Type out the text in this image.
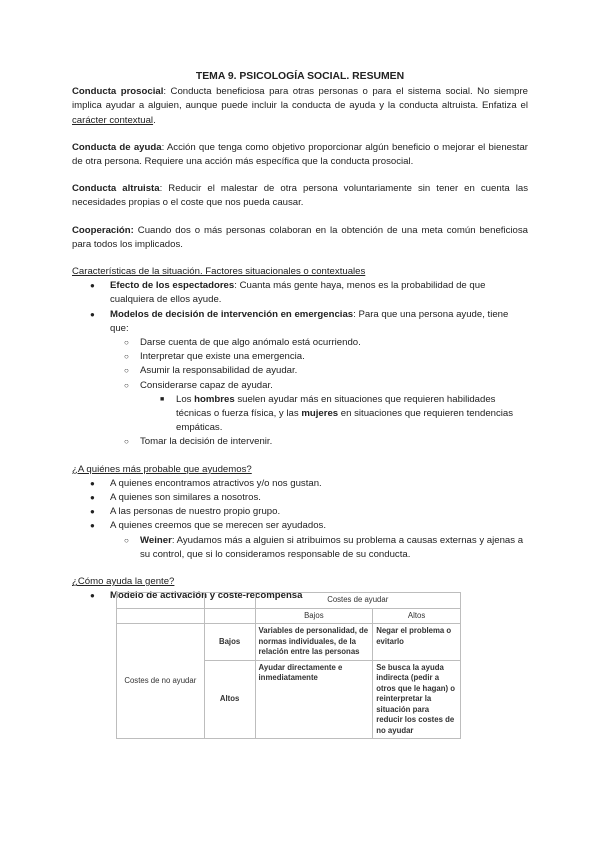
TEMA 9. PSICOLOGÍA SOCIAL. RESUMEN

Conducta prosocial: Conducta beneficiosa para otras personas o para el sistema social. No siempre implica ayudar a alguien, aunque puede incluir la conducta de ayuda y la conducta altruista. Enfatiza el carácter contextual.

Conducta de ayuda: Acción que tenga como objetivo proporcionar algún beneficio o mejorar el bienestar de otra persona. Requiere una acción más específica que la conducta prosocial.

Conducta altruista: Reducir el malestar de otra persona voluntariamente sin tener en cuenta las necesidades propias o el coste que nos pueda causar.

Cooperación: Cuando dos o más personas colaboran en la obtención de una meta común beneficiosa para todos los implicados.

Características de la situación. Factores situacionales o contextuales

● Efecto de los espectadores: Cuanta más gente haya, menos es la probabilidad de que cualquiera de ellos ayude.
● Modelos de decisión de intervención en emergencias: Para que una persona ayude, tiene que:
○ Darse cuenta de que algo anómalo está ocurriendo.
○ Interpretar que existe una emergencia.
○ Asumir la responsabilidad de ayudar.
○ Considerarse capaz de ayudar.
■ Los hombres suelen ayudar más en situaciones que requieren habilidades técnicas o fuerza física, y las mujeres en situaciones que requieren tendencias empáticas.
○ Tomar la decisión de intervenir.

¿A quiénes más probable que ayudemos?

● A quienes encontramos atractivos y/o nos gustan.
● A quienes son similares a nosotros.
● A las personas de nuestro propio grupo.
● A quienes creemos que se merecen ser ayudados.
○ Weiner: Ayudamos más a alguien si atribuimos su problema a causas externas y ajenas a su control, que si lo consideramos responsable de su conducta.

¿Cómo ayuda la gente?

● Modelo de activación y coste-recompensa
			Costes de ayudar	
		Bajos	Altos
Costes de no ayudar	Bajos	Variables de personalidad, de normas individuales, de la relación entre las personas	Negar el problema o evitarlo
	Altos	Ayudar directamente e inmediatamente	Se busca la ayuda indirecta (pedir a otros que le hagan) o reinterpretar la situación para reducir los costes de no ayudar
